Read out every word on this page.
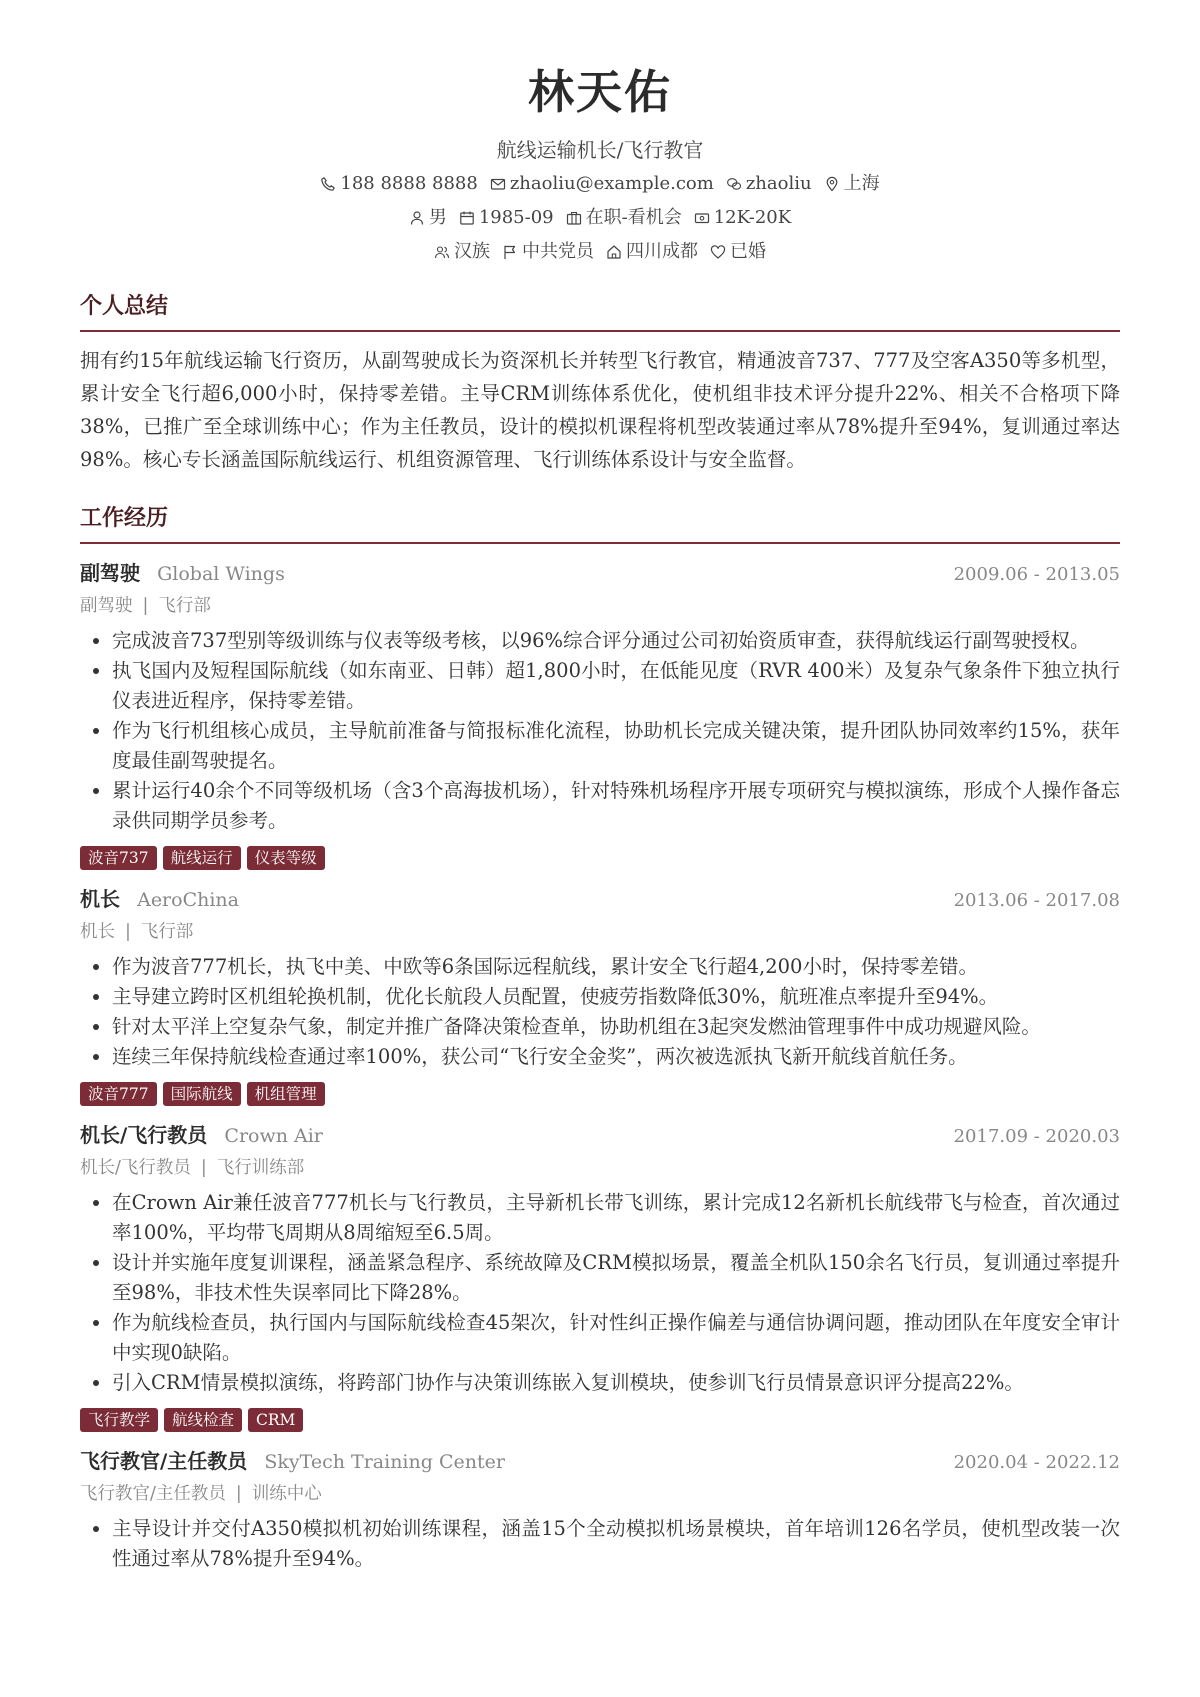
林天佑
航线运输机长/飞行教官
188 8888 8888 zhaoliu@example.com zhaoliu 上海
男 1985-09 在职-看机会 12K-20K
汉族 中共党员 四川成都 已婚
个人总结
拥有约15年航线运输飞行资历，从副驾驶成长为资深机长并转型飞行教官，精通波音737、777及空客A350等多机型，累计安全飞行超6,000小时，保持零差错。主导CRM训练体系优化，使机组非技术评分提升22%、相关不合格项下降38%，已推广至全球训练中心；作为主任教员，设计的模拟机课程将机型改装通过率从78%提升至94%，复训通过率达98%。核心专长涵盖国际航线运行、机组资源管理、飞行训练体系设计与安全监督。
工作经历
副驾驶 Global Wings	2009.06 - 2013.05
副驾驶 | 飞行部
• 完成波音737型别等级训练与仪表等级考核，以96%综合评分通过公司初始资质审查，获得航线运行副驾驶授权。
• 执飞国内及短程国际航线（如东南亚、日韩）超1,800小时，在低能见度（RVR 400米）及复杂气象条件下独立执行仪表进近程序，保持零差错。
• 作为飞行机组核心成员，主导航前准备与简报标准化流程，协助机长完成关键决策，提升团队协同效率约15%，获年度最佳副驾驶提名。
• 累计运行40余个不同等级机场（含3个高海拔机场），针对特殊机场程序开展专项研究与模拟演练，形成个人操作备忘录供同期学员参考。
波音737	航线运行	仪表等级
机长 AeroChina	2013.06 - 2017.08
机长 | 飞行部
• 作为波音777机长，执飞中美、中欧等6条国际远程航线，累计安全飞行超4,200小时，保持零差错。
• 主导建立跨时区机组轮换机制，优化长航段人员配置，使疲劳指数降低30%，航班准点率提升至94%。
• 针对太平洋上空复杂气象，制定并推广备降决策检查单，协助机组在3起突发燃油管理事件中成功规避风险。
• 连续三年保持航线检查通过率100%，获公司“飞行安全金奖”，两次被选派执飞新开航线首航任务。
波音777	国际航线	机组管理
机长/飞行教员 Crown Air	2017.09 - 2020.03
机长/飞行教员 | 飞行训练部
• 在Crown Air兼任波音777机长与飞行教员，主导新机长带飞训练，累计完成12名新机长航线带飞与检查，首次通过率100%，平均带飞周期从8周缩短至6.5周。
• 设计并实施年度复训课程，涵盖紧急程序、系统故障及CRM模拟场景，覆盖全机队150余名飞行员，复训通过率提升至98%，非技术性失误率同比下降28%。
• 作为航线检查员，执行国内与国际航线检查45架次，针对性纠正操作偏差与通信协调问题，推动团队在年度安全审计中实现0缺陷。
• 引入CRM情景模拟演练，将跨部门协作与决策训练嵌入复训模块，使参训飞行员情景意识评分提高22%。
飞行教学	航线检查	CRM
飞行教官/主任教员 SkyTech Training Center	2020.04 - 2022.12
飞行教官/主任教员 | 训练中心
• 主导设计并交付A350模拟机初始训练课程，涵盖15个全动模拟机场景模块，首年培训126名学员，使机型改装一次性通过率从78%提升至94%。
